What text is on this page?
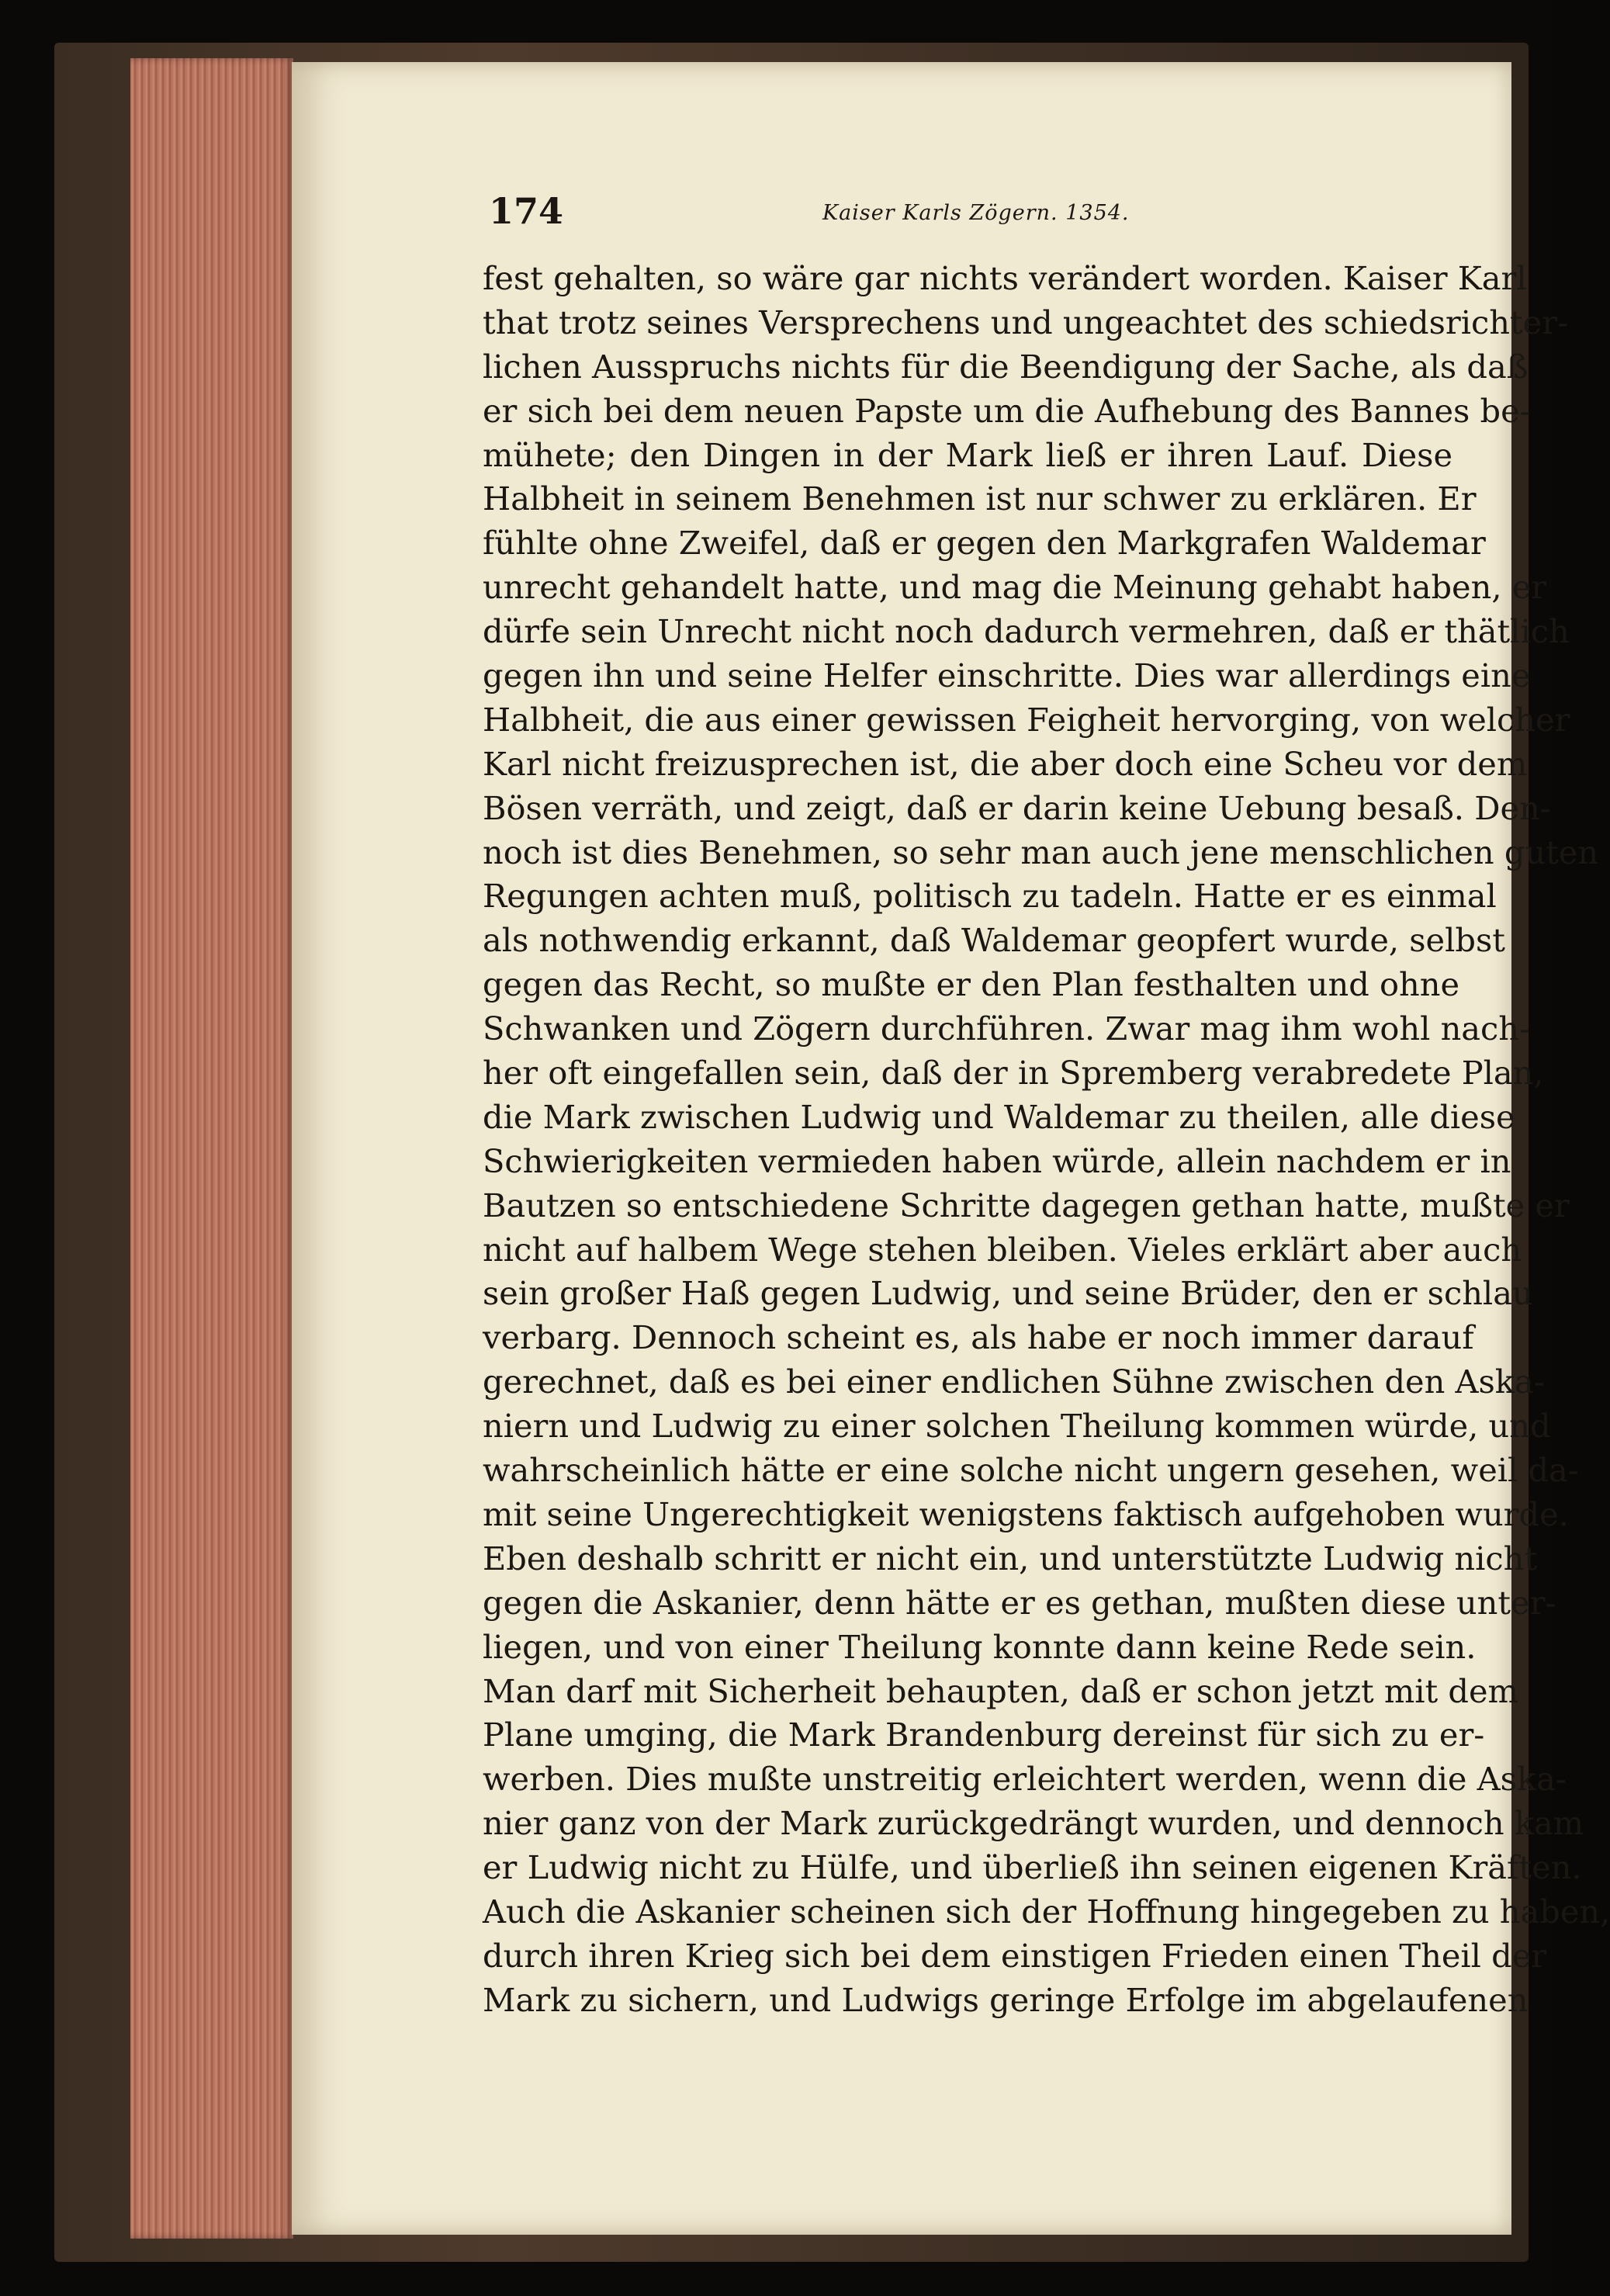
174	Kaiser Karls Zögern. 1354.
fest gehalten, so wäre gar nichts verändert worden. Kaiser Karl
that trotz seines Versprechens und ungeachtet des schiedsrichter-
lichen Ausspruchs nichts für die Beendigung der Sache, als daß
er sich bei dem neuen Papste um die Aufhebung des Bannes be-
mühete; den Dingen in der Mark ließ er ihren Lauf. Diese
Halbheit in seinem Benehmen ist nur schwer zu erklären. Er
fühlte ohne Zweifel, daß er gegen den Markgrafen Waldemar
unrecht gehandelt hatte, und mag die Meinung gehabt haben, er
dürfe sein Unrecht nicht noch dadurch vermehren, daß er thätlich
gegen ihn und seine Helfer einschritte. Dies war allerdings eine
Halbheit, die aus einer gewissen Feigheit hervorging, von welcher
Karl nicht freizusprechen ist, die aber doch eine Scheu vor dem
Bösen verräth, und zeigt, daß er darin keine Uebung besaß. Den-
noch ist dies Benehmen, so sehr man auch jene menschlichen guten
Regungen achten muß, politisch zu tadeln. Hatte er es einmal
als nothwendig erkannt, daß Waldemar geopfert wurde, selbst
gegen das Recht, so mußte er den Plan festhalten und ohne
Schwanken und Zögern durchführen. Zwar mag ihm wohl nach-
her oft eingefallen sein, daß der in Spremberg verabredete Plan,
die Mark zwischen Ludwig und Waldemar zu theilen, alle diese
Schwierigkeiten vermieden haben würde, allein nachdem er in
Bautzen so entschiedene Schritte dagegen gethan hatte, mußte er
nicht auf halbem Wege stehen bleiben. Vieles erklärt aber auch
sein großer Haß gegen Ludwig, und seine Brüder, den er schlau
verbarg. Dennoch scheint es, als habe er noch immer darauf
gerechnet, daß es bei einer endlichen Sühne zwischen den Aska-
niern und Ludwig zu einer solchen Theilung kommen würde, und
wahrscheinlich hätte er eine solche nicht ungern gesehen, weil da-
mit seine Ungerechtigkeit wenigstens faktisch aufgehoben wurde.
Eben deshalb schritt er nicht ein, und unterstützte Ludwig nicht
gegen die Askanier, denn hätte er es gethan, mußten diese unter-
liegen, und von einer Theilung konnte dann keine Rede sein.
Man darf mit Sicherheit behaupten, daß er schon jetzt mit dem
Plane umging, die Mark Brandenburg dereinst für sich zu er-
werben. Dies mußte unstreitig erleichtert werden, wenn die Aska-
nier ganz von der Mark zurückgedrängt wurden, und dennoch kam
er Ludwig nicht zu Hülfe, und überließ ihn seinen eigenen Kräften.
Auch die Askanier scheinen sich der Hoffnung hingegeben zu haben,
durch ihren Krieg sich bei dem einstigen Frieden einen Theil der
Mark zu sichern, und Ludwigs geringe Erfolge im abgelaufenen
